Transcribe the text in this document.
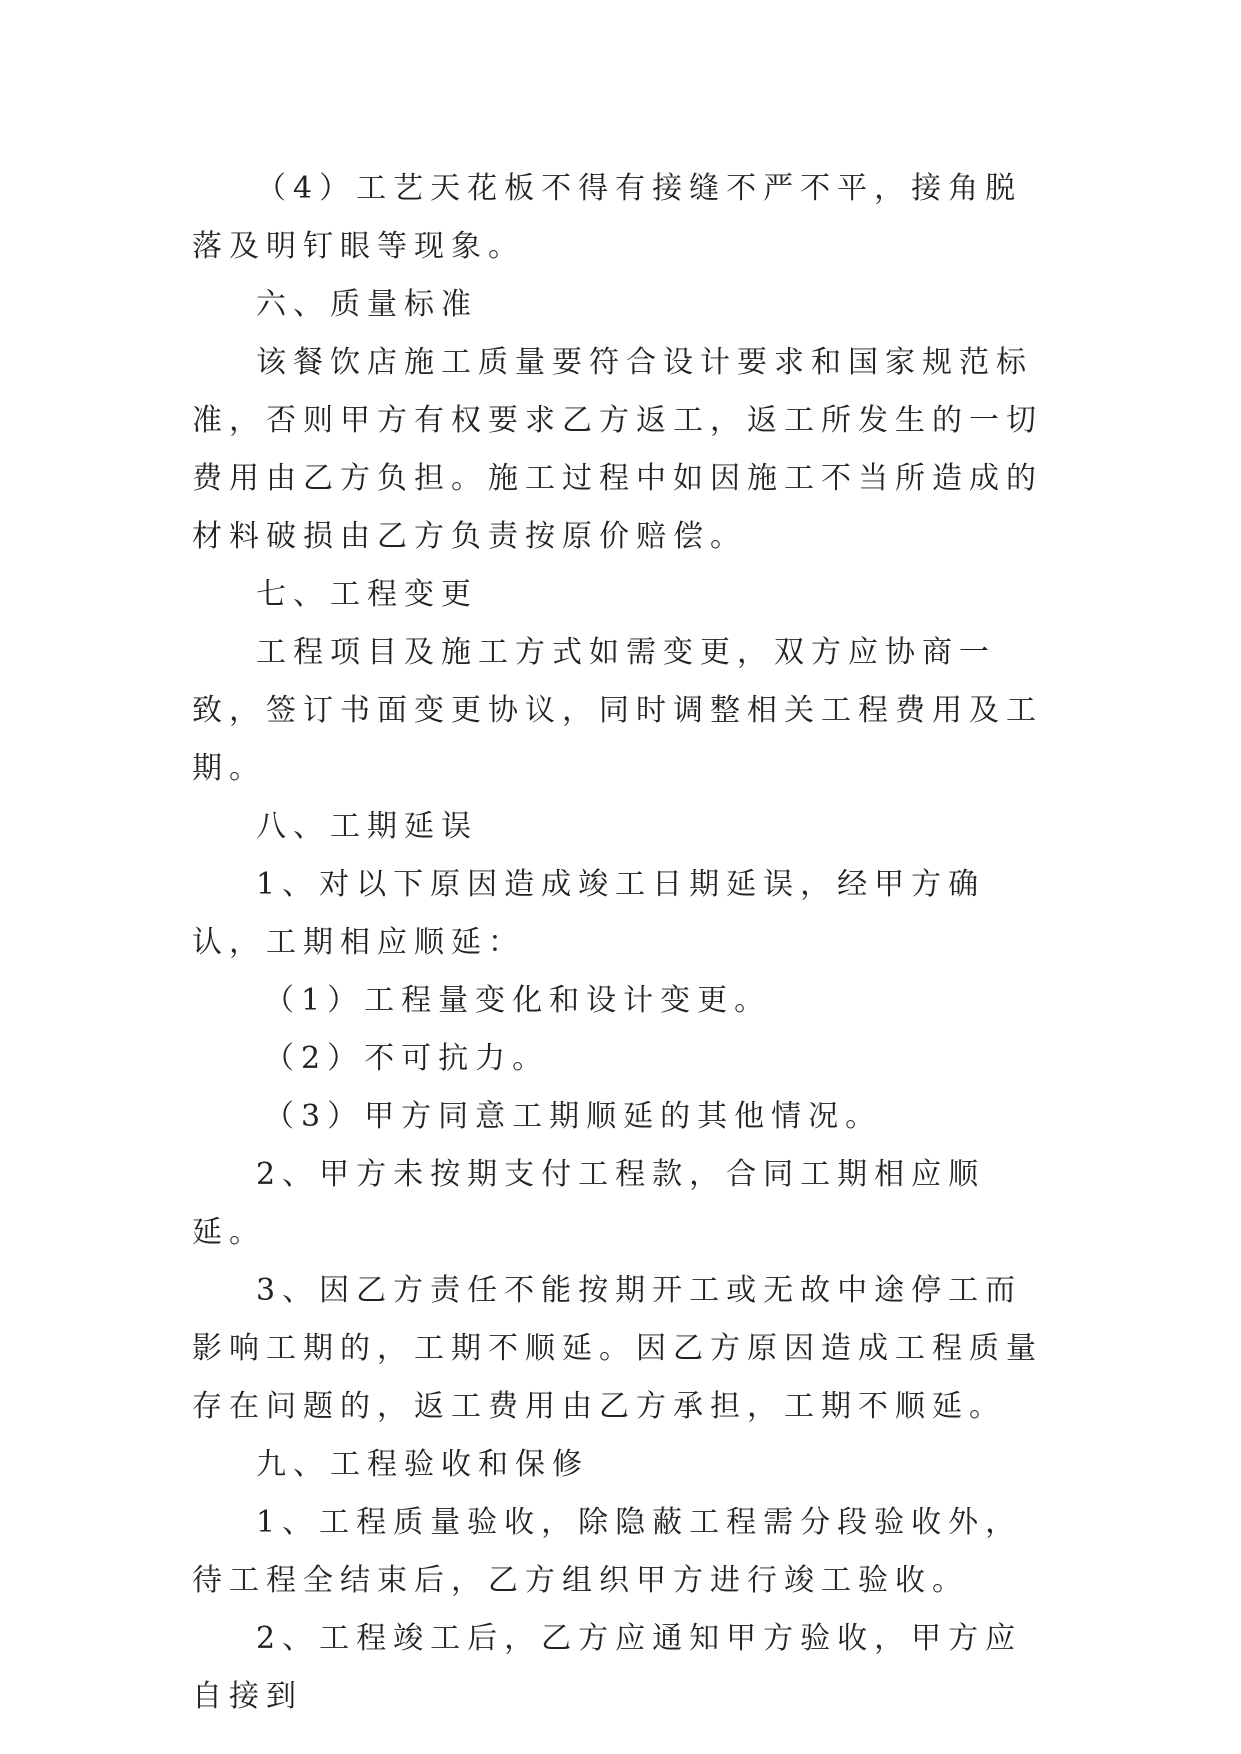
（4）工艺天花板不得有接缝不严不平，接角脱落及明钉眼等现象。

六、质量标准

该餐饮店施工质量要符合设计要求和国家规范标准，否则甲方有权要求乙方返工，返工所发生的一切费用由乙方负担。施工过程中如因施工不当所造成的材料破损由乙方负责按原价赔偿。

七、工程变更

工程项目及施工方式如需变更，双方应协商一致，签订书面变更协议，同时调整相关工程费用及工期。

八、工期延误

1、对以下原因造成竣工日期延误，经甲方确认，工期相应顺延：

（1）工程量变化和设计变更。

（2）不可抗力。

（3）甲方同意工期顺延的其他情况。

2、甲方未按期支付工程款，合同工期相应顺延。

3、因乙方责任不能按期开工或无故中途停工而影响工期的，工期不顺延。因乙方原因造成工程质量存在问题的，返工费用由乙方承担，工期不顺延。

九、工程验收和保修

1、工程质量验收，除隐蔽工程需分段验收外，待工程全结束后，乙方组织甲方进行竣工验收。

2、工程竣工后，乙方应通知甲方验收，甲方应自接到
